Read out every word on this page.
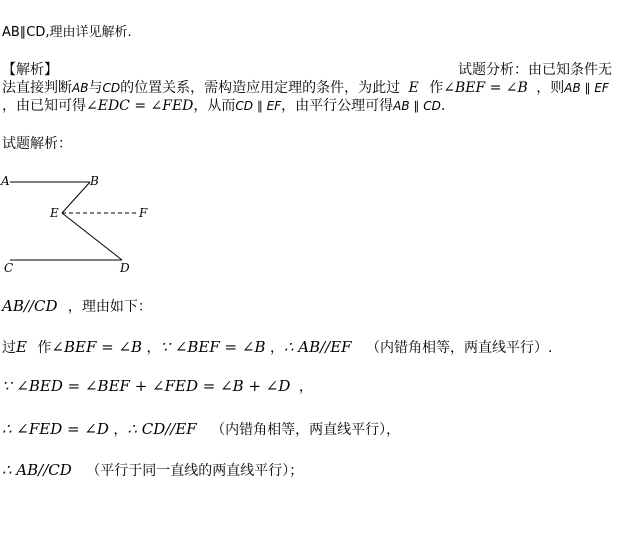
AB∥CD,理由详见解析.
【解析】	试题分析：由已知条件无
法直接判断AB与CD的位置关系，需构造应用定理的条件，为此过 E 作∠BEF = ∠B ，则AB ∥ EF
，由已知可得∠EDC = ∠FED，从而CD ∥ EF，由平行公理可得AB ∥ CD.
试题解析：
A	B
E	F
C	D
AB//CD ，理由如下：
过E 作∠BEF = ∠B ，∵ ∠BEF = ∠B ，∴ AB//EF （内错角相等，两直线平行）.
∵ ∠BED = ∠BEF + ∠FED = ∠B + ∠D ，
∴ ∠FED = ∠D ，∴ CD//EF （内错角相等，两直线平行），
∴ AB//CD （平行于同一直线的两直线平行）；
